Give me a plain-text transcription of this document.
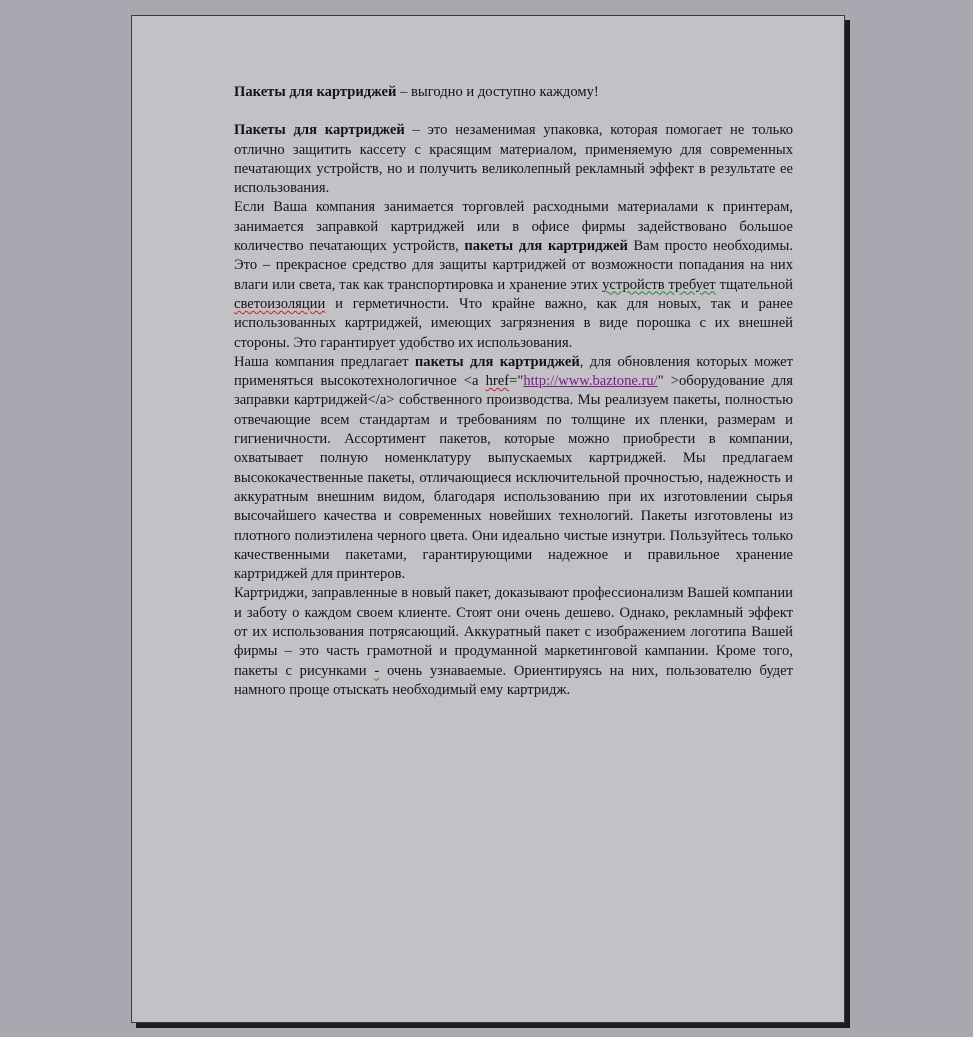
Пакеты для картриджей – выгодно и доступно каждому!

Пакеты для картриджей – это незаменимая упаковка, которая помогает не только отлично защитить кассету с красящим материалом, применяемую для современных печатающих устройств, но и получить великолепный рекламный эффект в результате ее использования.

Если Ваша компания занимается торговлей расходными материалами к принтерам, занимается заправкой картриджей или в офисе фирмы задействовано большое количество печатающих устройств, пакеты для картриджей Вам просто необходимы. Это – прекрасное средство для защиты картриджей от возможности попадания на них влаги или света, так как транспортировка и хранение этих устройств требует тщательной светоизоляции и герметичности. Что крайне важно, как для новых, так и ранее использованных картриджей, имеющих загрязнения в виде порошка с их внешней стороны. Это гарантирует удобство их использования.

Наша компания предлагает пакеты для картриджей, для обновления которых может применяться высокотехнологичное <a href="http://www.baztone.ru/" >оборудование для заправки картриджей</a> собственного производства. Мы реализуем пакеты, полностью отвечающие всем стандартам и требованиям по толщине их пленки, размерам и гигиеничности. Ассортимент пакетов, которые можно приобрести в компании, охватывает полную номенклатуру выпускаемых картриджей. Мы предлагаем высококачественные пакеты, отличающиеся исключительной прочностью, надежность и аккуратным внешним видом, благодаря использованию при их изготовлении сырья высочайшего качества и современных новейших технологий. Пакеты изготовлены из плотного полиэтилена черного цвета. Они идеально чистые изнутри. Пользуйтесь только качественными пакетами, гарантирующими надежное и правильное хранение картриджей для принтеров.

Картриджи, заправленные в новый пакет, доказывают профессионализм Вашей компании и заботу о каждом своем клиенте. Стоят они очень дешево. Однако, рекламный эффект от их использования потрясающий. Аккуратный пакет с изображением логотипа Вашей фирмы – это часть грамотной и продуманной маркетинговой кампании. Кроме того, пакеты с рисунками - очень узнаваемые. Ориентируясь на них, пользователю будет намного проще отыскать необходимый ему картридж.
